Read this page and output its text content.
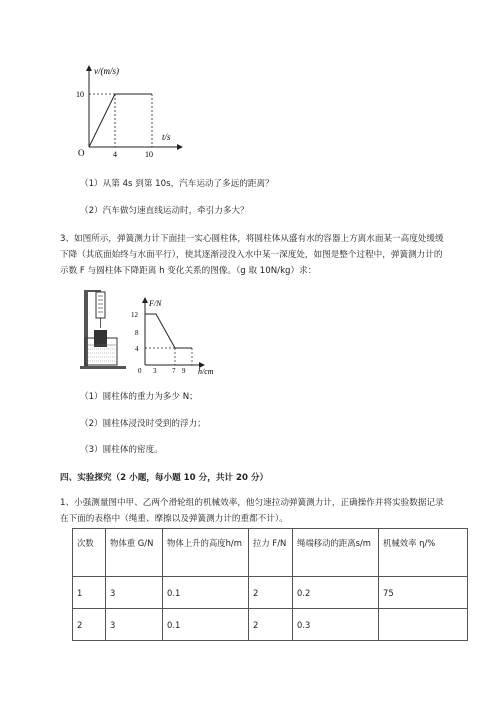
v/(m/s)
t/s
O
10
4	10
（1）从第 4s 到第 10s，汽车运动了多远的距离？
（2）汽车做匀速直线运动时，牵引力多大？
3、如图所示，弹簧测力计下面挂一实心圆柱体，将圆柱体从盛有水的容器上方离水面某一高度处缓缓
下降（其底面始终与水面平行），使其逐渐浸没入水中某一深度处，如图是整个过程中，弹簧测力计的
示数 F 与圆柱体下降距离 h 变化关系的图像。（g 取 10N/kg）求：
F/N
h/cm
0
12
8
4
3 7 9
（1）圆柱体的重力为多少 N；
（2）圆柱体浸没时受到的浮力；
（3）圆柱体的密度。
四、实验探究（2 小题，每小题 10 分，共计 20 分）
1、小强测量图中甲、乙两个滑轮组的机械效率，他匀速拉动弹簧测力计，正确操作并将实验数据记录
在下面的表格中（绳重、摩擦以及弹簧测力计的重都不计）。
次数	物体重 G/N	物体上升的高度h/m	拉力 F/N	绳端移动的距离s/m	机械效率 η/%
1	3	0.1	2	0.2	75
2	3	0.1	2	0.3	
